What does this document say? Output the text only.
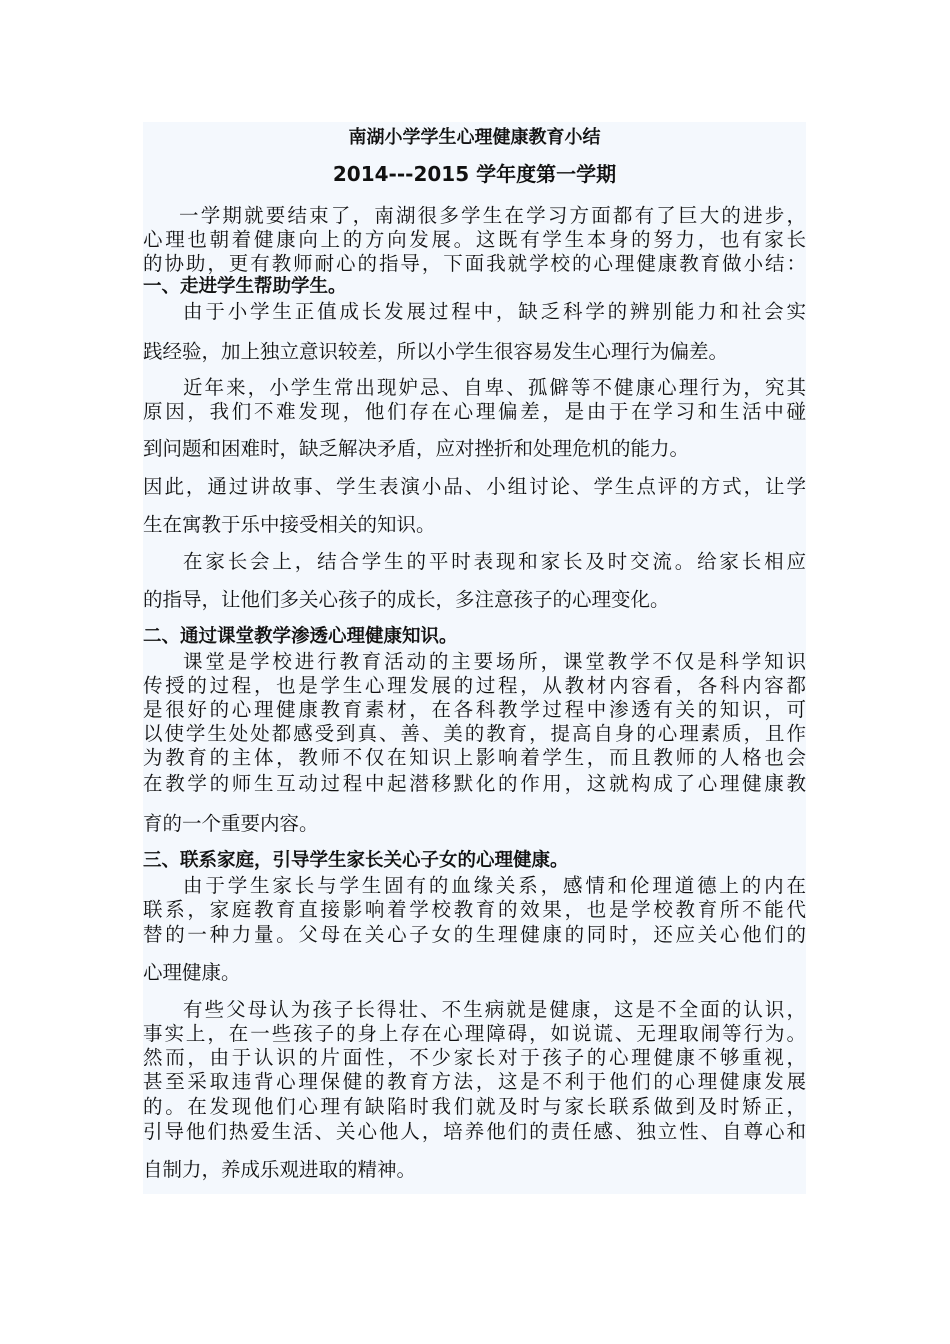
南湖小学学生心理健康教育小结
2014---2015 学年度第一学期
一学期就要结束了，南湖很多学生在学习方面都有了巨大的进步，
心理也朝着健康向上的方向发展。这既有学生本身的努力，也有家长
的协助，更有教师耐心的指导，下面我就学校的心理健康教育做小结：
一、走进学生帮助学生。
由于小学生正值成长发展过程中，缺乏科学的辨别能力和社会实
践经验，加上独立意识较差，所以小学生很容易发生心理行为偏差。
近年来，小学生常出现妒忌、自卑、孤僻等不健康心理行为，究其
原因，我们不难发现，他们存在心理偏差，是由于在学习和生活中碰
到问题和困难时，缺乏解决矛盾，应对挫折和处理危机的能力。
因此，通过讲故事、学生表演小品、小组讨论、学生点评的方式，让学
生在寓教于乐中接受相关的知识。
在家长会上，结合学生的平时表现和家长及时交流。给家长相应
的指导，让他们多关心孩子的成长，多注意孩子的心理变化。
二、通过课堂教学渗透心理健康知识。
课堂是学校进行教育活动的主要场所，课堂教学不仅是科学知识
传授的过程，也是学生心理发展的过程，从教材内容看，各科内容都
是很好的心理健康教育素材，在各科教学过程中渗透有关的知识，可
以使学生处处都感受到真、善、美的教育，提高自身的心理素质，且作
为教育的主体，教师不仅在知识上影响着学生，而且教师的人格也会
在教学的师生互动过程中起潜移默化的作用，这就构成了心理健康教
育的一个重要内容。
三、联系家庭，引导学生家长关心子女的心理健康。
由于学生家长与学生固有的血缘关系，感情和伦理道德上的内在
联系，家庭教育直接影响着学校教育的效果，也是学校教育所不能代
替的一种力量。父母在关心子女的生理健康的同时，还应关心他们的
心理健康。
有些父母认为孩子长得壮、不生病就是健康，这是不全面的认识，
事实上，在一些孩子的身上存在心理障碍，如说谎、无理取闹等行为。
然而，由于认识的片面性，不少家长对于孩子的心理健康不够重视，
甚至采取违背心理保健的教育方法，这是不利于他们的心理健康发展
的。在发现他们心理有缺陷时我们就及时与家长联系做到及时矫正，
引导他们热爱生活、关心他人，培养他们的责任感、独立性、自尊心和
自制力，养成乐观进取的精神。
